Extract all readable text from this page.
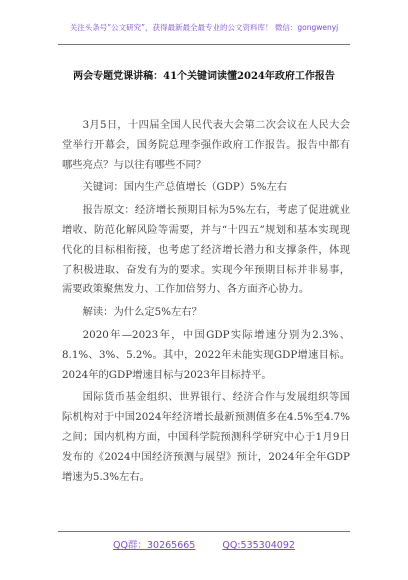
关注头条号“公文研究”，获得最新最全最专业的公文资料库！ 微信：gongwenyj
两会专题党课讲稿：41个关键词读懂2024年政府工作报告

3月5日，十四届全国人民代表大会第二次会议在人民大会堂举行开幕会，国务院总理李强作政府工作报告。报告中都有哪些亮点？与以往有哪些不同？

关键词：国内生产总值增长（GDP）5%左右

报告原文：经济增长预期目标为5%左右，考虑了促进就业增收、防范化解风险等需要，并与“十四五”规划和基本实现现代化的目标相衔接，也考虑了经济增长潜力和支撑条件，体现了积极进取、奋发有为的要求。实现今年预期目标并非易事，需要政策聚焦发力、工作加倍努力、各方面齐心协力。

解读：为什么定5%左右？

2020年—2023年，中国GDP实际增速分别为2.3%、8.1%、3%、5.2%。其中，2022年未能实现GDP增速目标。2024年的GDP增速目标与2023年目标持平。

国际货币基金组织、世界银行、经济合作与发展组织等国际机构对于中国2024年经济增长最新预测值多在4.5%至4.7%之间；国内机构方面，中国科学院预测科学研究中心于1月9日发布的《2024中国经济预测与展望》预计，2024年全年GDP增速为5.3%左右。

QQ群：30265665	QQ:535304092
